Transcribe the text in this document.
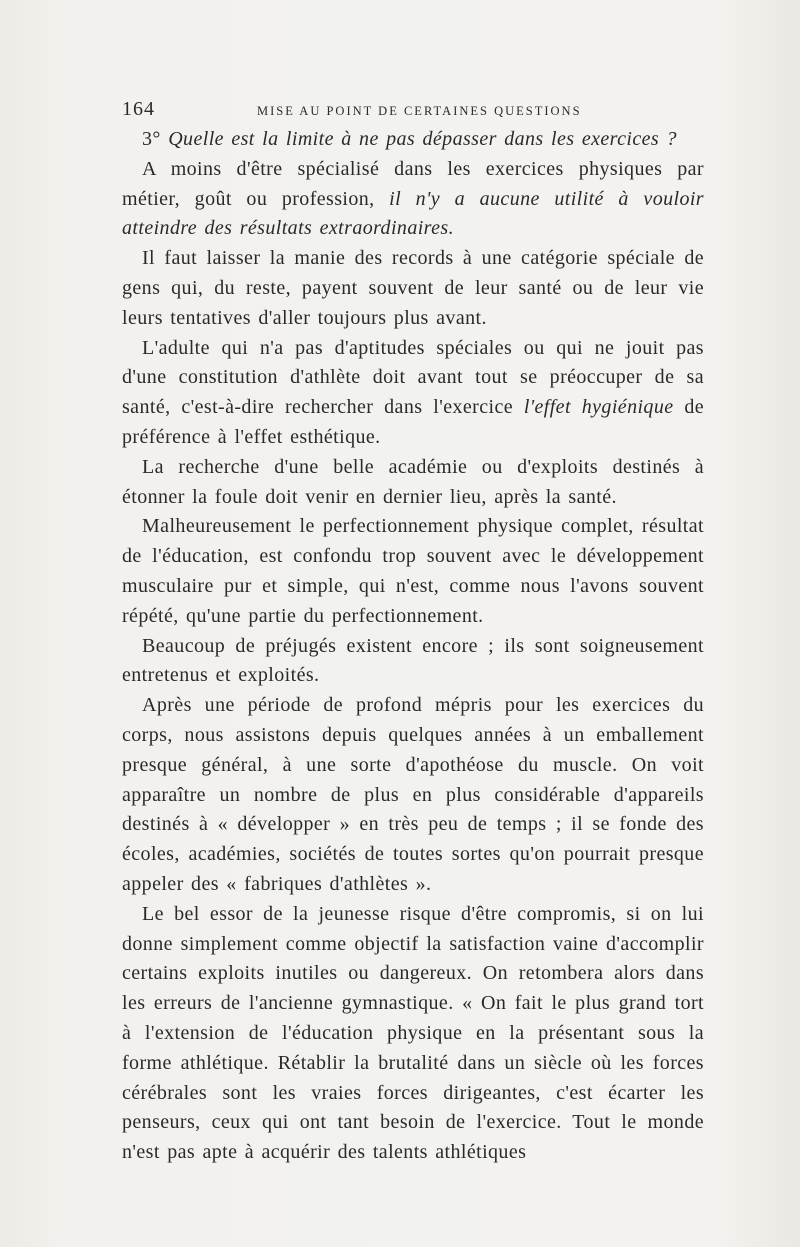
164	MISE AU POINT DE CERTAINES QUESTIONS

3° Quelle est la limite à ne pas dépasser dans les exercices ?

A moins d'être spécialisé dans les exercices physiques par métier, goût ou profession, il n'y a aucune utilité à vouloir atteindre des résultats extraordinaires.

Il faut laisser la manie des records à une catégorie spéciale de gens qui, du reste, payent souvent de leur santé ou de leur vie leurs tentatives d'aller toujours plus avant.

L'adulte qui n'a pas d'aptitudes spéciales ou qui ne jouit pas d'une constitution d'athlète doit avant tout se préoccuper de sa santé, c'est-à-dire rechercher dans l'exercice l'effet hygiénique de préférence à l'effet esthétique.

La recherche d'une belle académie ou d'exploits destinés à étonner la foule doit venir en dernier lieu, après la santé.

Malheureusement le perfectionnement physique complet, résultat de l'éducation, est confondu trop souvent avec le développement musculaire pur et simple, qui n'est, comme nous l'avons souvent répété, qu'une partie du perfectionnement.

Beaucoup de préjugés existent encore ; ils sont soigneusement entretenus et exploités.

Après une période de profond mépris pour les exercices du corps, nous assistons depuis quelques années à un emballement presque général, à une sorte d'apothéose du muscle. On voit apparaître un nombre de plus en plus considérable d'appareils destinés à « développer » en très peu de temps ; il se fonde des écoles, académies, sociétés de toutes sortes qu'on pourrait presque appeler des « fabriques d'athlètes ».

Le bel essor de la jeunesse risque d'être compromis, si on lui donne simplement comme objectif la satisfaction vaine d'accomplir certains exploits inutiles ou dangereux. On retombera alors dans les erreurs de l'ancienne gymnastique. « On fait le plus grand tort à l'extension de l'éducation physique en la présentant sous la forme athlétique. Rétablir la brutalité dans un siècle où les forces cérébrales sont les vraies forces dirigeantes, c'est écarter les penseurs, ceux qui ont tant besoin de l'exercice. Tout le monde n'est pas apte à acquérir des talents athlétiques
